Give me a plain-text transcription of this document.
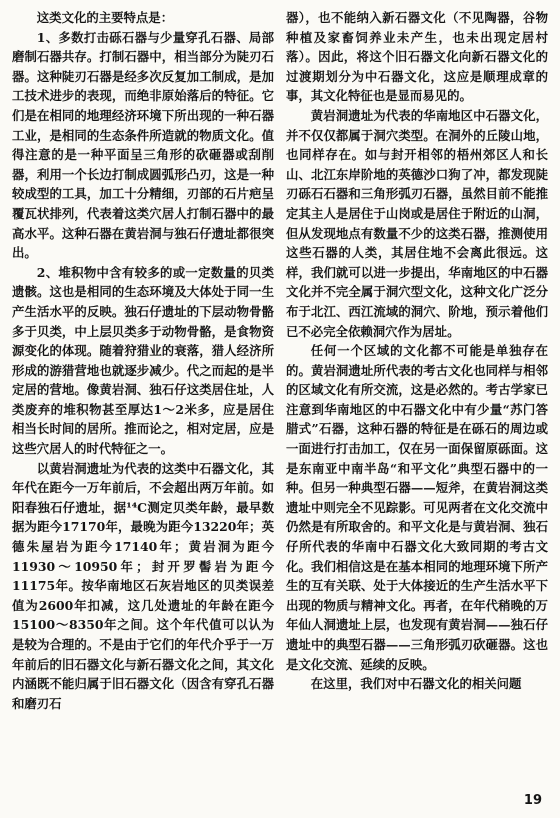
这类文化的主要特点是：

1、多数打击砾石器与少量穿孔石器、局部磨制石器共存。打制石器中，相当部分为陡刃石器。这种陡刃石器是经多次反复加工制成，是加工技术进步的表现，而绝非原始落后的特征。它们是在相同的地理经济环境下所出现的一种石器工业，是相同的生态条件所造就的物质文化。值得注意的是一种平面呈三角形的砍砸器或刮削器，利用一个长边打制成圆弧形凸刃，这是一种较成型的工具，加工十分精细，刃部的石片疤呈覆瓦状排列，代表着这类穴居人打制石器中的最高水平。这种石器在黄岩洞与独石仔遗址都很突出。

2、堆积物中含有较多的或一定数量的贝类遗骸。这也是相同的生态环境及大体处于同一生产生活水平的反映。独石仔遗址的下层动物骨骼多于贝类，中上层贝类多于动物骨骼，是食物资源变化的体现。随着狩猎业的衰落，猎人经济所形成的游猎营地也就逐步减少。代之而起的是半定居的营地。像黄岩洞、独石仔这类居住址，人类废弃的堆积物甚至厚达1～2米多，应是居住相当长时间的居所。推而论之，相对定居，应是这些穴居人的时代特征之一。

以黄岩洞遗址为代表的这类中石器文化，其年代在距今一万年前后，不会超出两万年前。如阳春独石仔遗址，据¹⁴C测定贝类年龄，最早数据为距今17170年，最晚为距今13220年；英德朱屋岩为距今17140年；黄岩洞为距今11930～10950年；封开罗髻岩为距今11175年。按华南地区石灰岩地区的贝类误差值为2600年扣减，这几处遗址的年龄在距今15100～8350年之间。这个年代值可以认为是较为合理的。不是由于它们的年代介乎于一万年前后的旧石器文化与新石器文化之间，其文化内涵既不能归属于旧石器文化（因含有穿孔石器和磨刃石

器），也不能纳入新石器文化（不见陶器，谷物种植及家畜饲养业未产生，也未出现定居村落）。因此，将这个旧石器文化向新石器文化的过渡期划分为中石器文化，这应是顺理成章的事，其文化特征也是显而易见的。

黄岩洞遗址为代表的华南地区中石器文化，并不仅仅都属于洞穴类型。在洞外的丘陵山地，也同样存在。如与封开相邻的梧州郊区人和长山、北江东岸阶地的英德沙口狗了冲，都发现陡刃砾石石器和三角形弧刃石器，虽然目前不能推定其主人是居住于山岗或是居住于附近的山洞，但从发现地点有数量不少的这类石器，推测使用这些石器的人类，其居住地不会离此很远。这样，我们就可以进一步提出，华南地区的中石器文化并不完全属于洞穴型文化，这种文化广泛分布于北江、西江流域的洞穴、阶地，预示着他们已不必完全依赖洞穴作为居址。

任何一个区域的文化都不可能是单独存在的。黄岩洞遗址所代表的考古文化也同样与相邻的区域文化有所交流，这是必然的。考古学家已注意到华南地区的中石器文化中有少量“苏门答腊式”石器，这种石器的特征是在砾石的周边或一面进行打击加工，仅在另一面保留原砾面。这是东南亚中南半岛“和平文化”典型石器中的一种。但另一种典型石器——短斧，在黄岩洞这类遗址中则完全不见踪影。可见两者在文化交流中仍然是有所取舍的。和平文化是与黄岩洞、独石仔所代表的华南中石器文化大致同期的考古文化。我们相信这是在基本相同的地理环境下所产生的互有关联、处于大体接近的生产生活水平下出现的物质与精神文化。再者，在年代稍晚的万年仙人洞遗址上层，也发现有黄岩洞——独石仔遗址中的典型石器——三角形弧刃砍砸器。这也是文化交流、延续的反映。

在这里，我们对中石器文化的相关问题

19
